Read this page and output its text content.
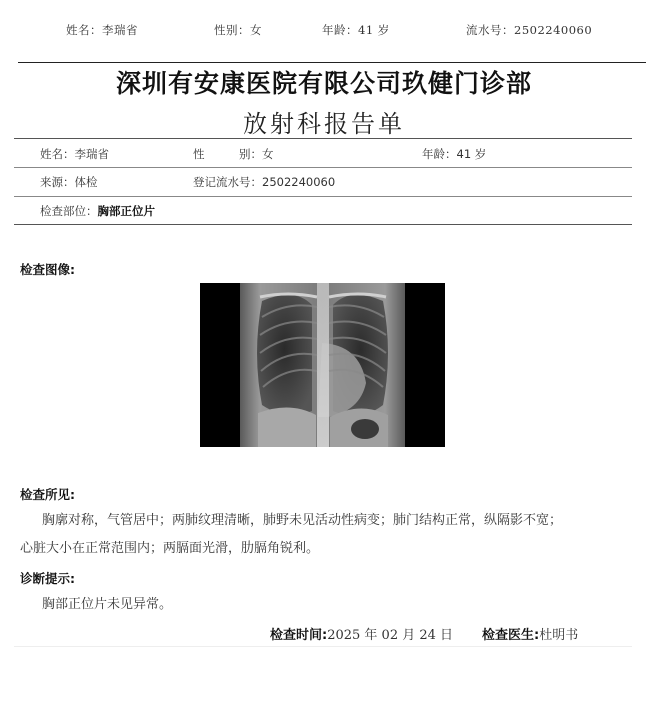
姓名：李瑞省	性别：女	年龄：41 岁	流水号：2502240060
深圳有安康医院有限公司玖健门诊部
放射科报告单
姓名：李瑞省	性　　　别：女	年龄：41 岁
来源：体检	登记流水号：2502240060
检查部位：胸部正位片
检查图像:
检查所见:
胸廓对称，气管居中；两肺纹理清晰，肺野未见活动性病变；肺门结构正常，纵隔影不宽；
心脏大小在正常范围内；两膈面光滑，肋膈角锐利。
诊断提示:
胸部正位片未见异常。
检查时间:2025 年 02 月 24 日 检查医生:杜明书
